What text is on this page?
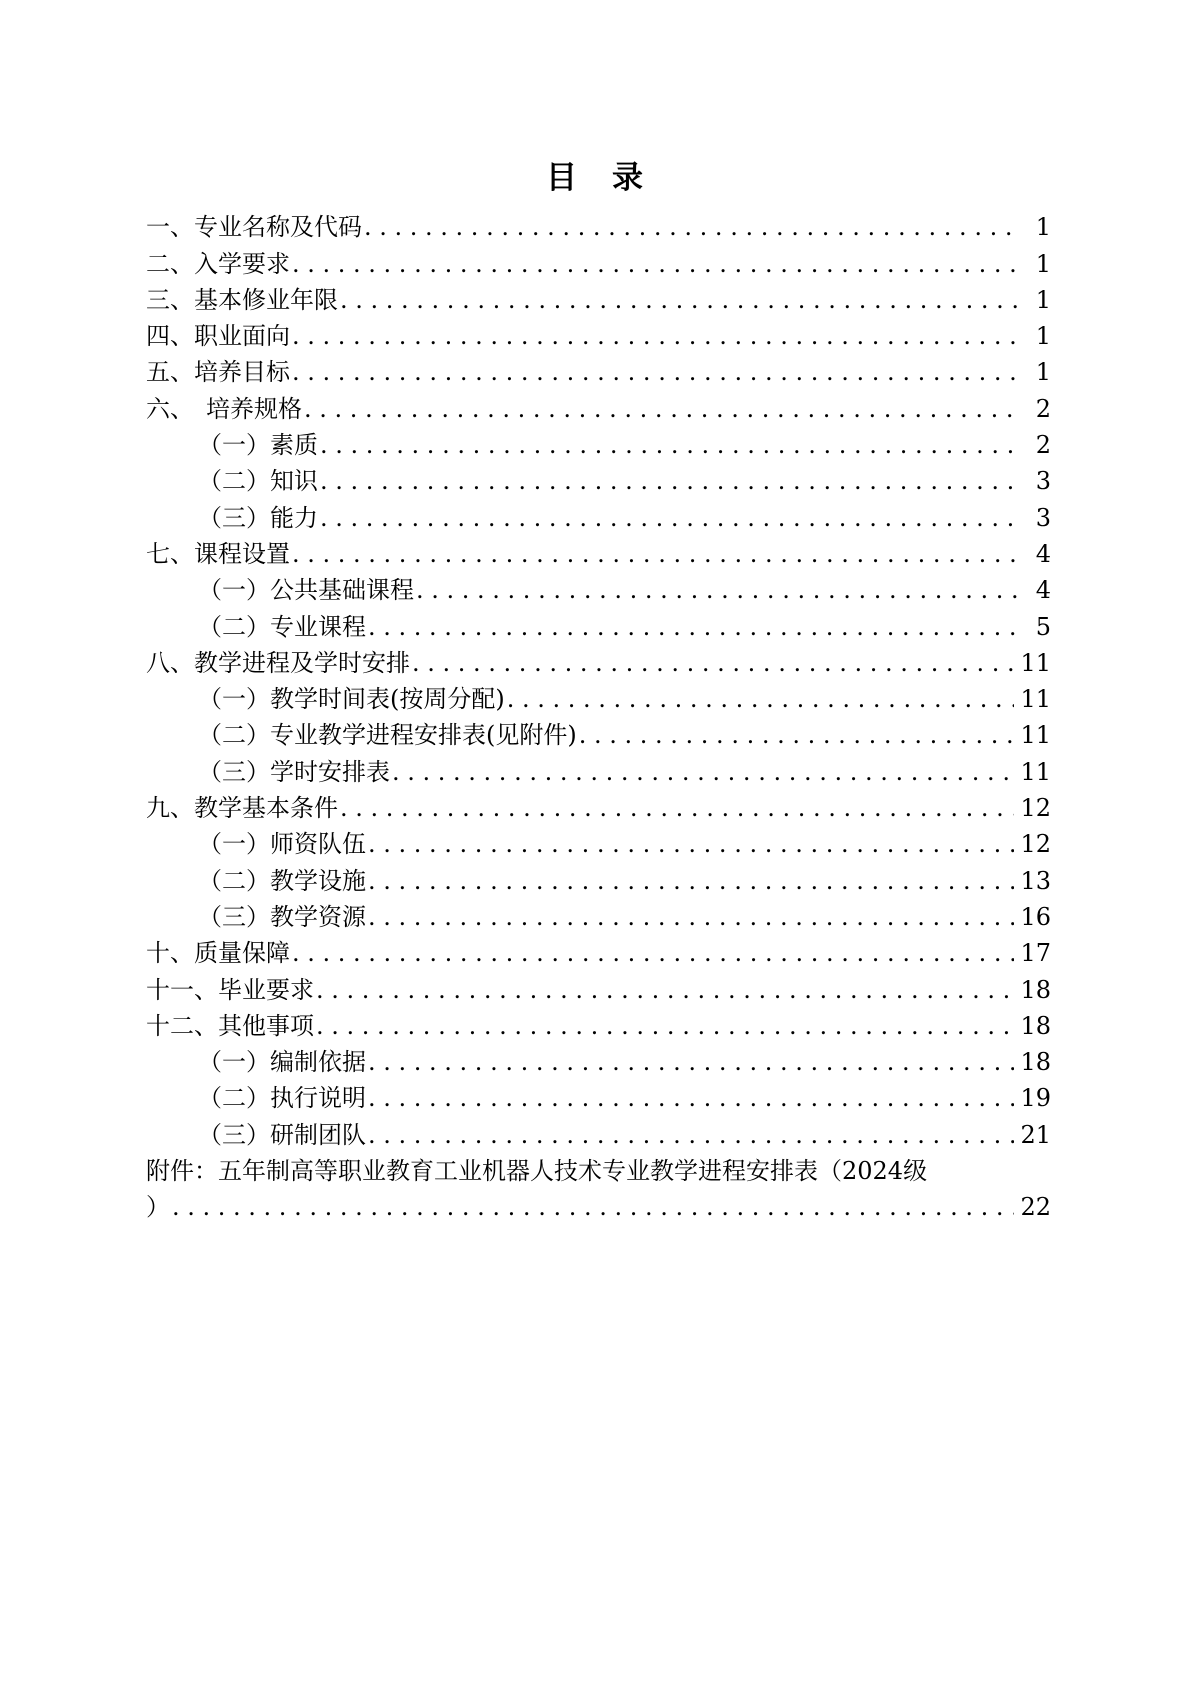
目　录
一、专业名称及代码 . . .	1
二、入学要求 . . .	1
三、基本修业年限 . . .	1
四、职业面向 . . .	1
五、培养目标 . . .	1
六、　培养规格 . . .	2
（一）素质 . . .	2
（二）知识 . . .	3
（三）能力 . . .	3
七、课程设置 . . .	4
（一）公共基础课程 . . .	4
（二）专业课程 . . .	5
八、教学进程及学时安排 . . .	11
（一）教学时间表(按周分配) . . .	11
（二）专业教学进程安排表(见附件) . . .	11
（三）学时安排表 . . .	11
九、教学基本条件 . . .	12
（一）师资队伍 . . .	12
（二）教学设施 . . .	13
（三）教学资源 . . .	16
十、质量保障 . . .	17
十一、毕业要求 . . .	18
十二、其他事项 . . .	18
（一）编制依据 . . .	18
（二）执行说明 . . .	19
（三）研制团队 . . .	21
附件：五年制高等职业教育工业机器人技术专业教学进程安排表（2024级
） . . .	22
